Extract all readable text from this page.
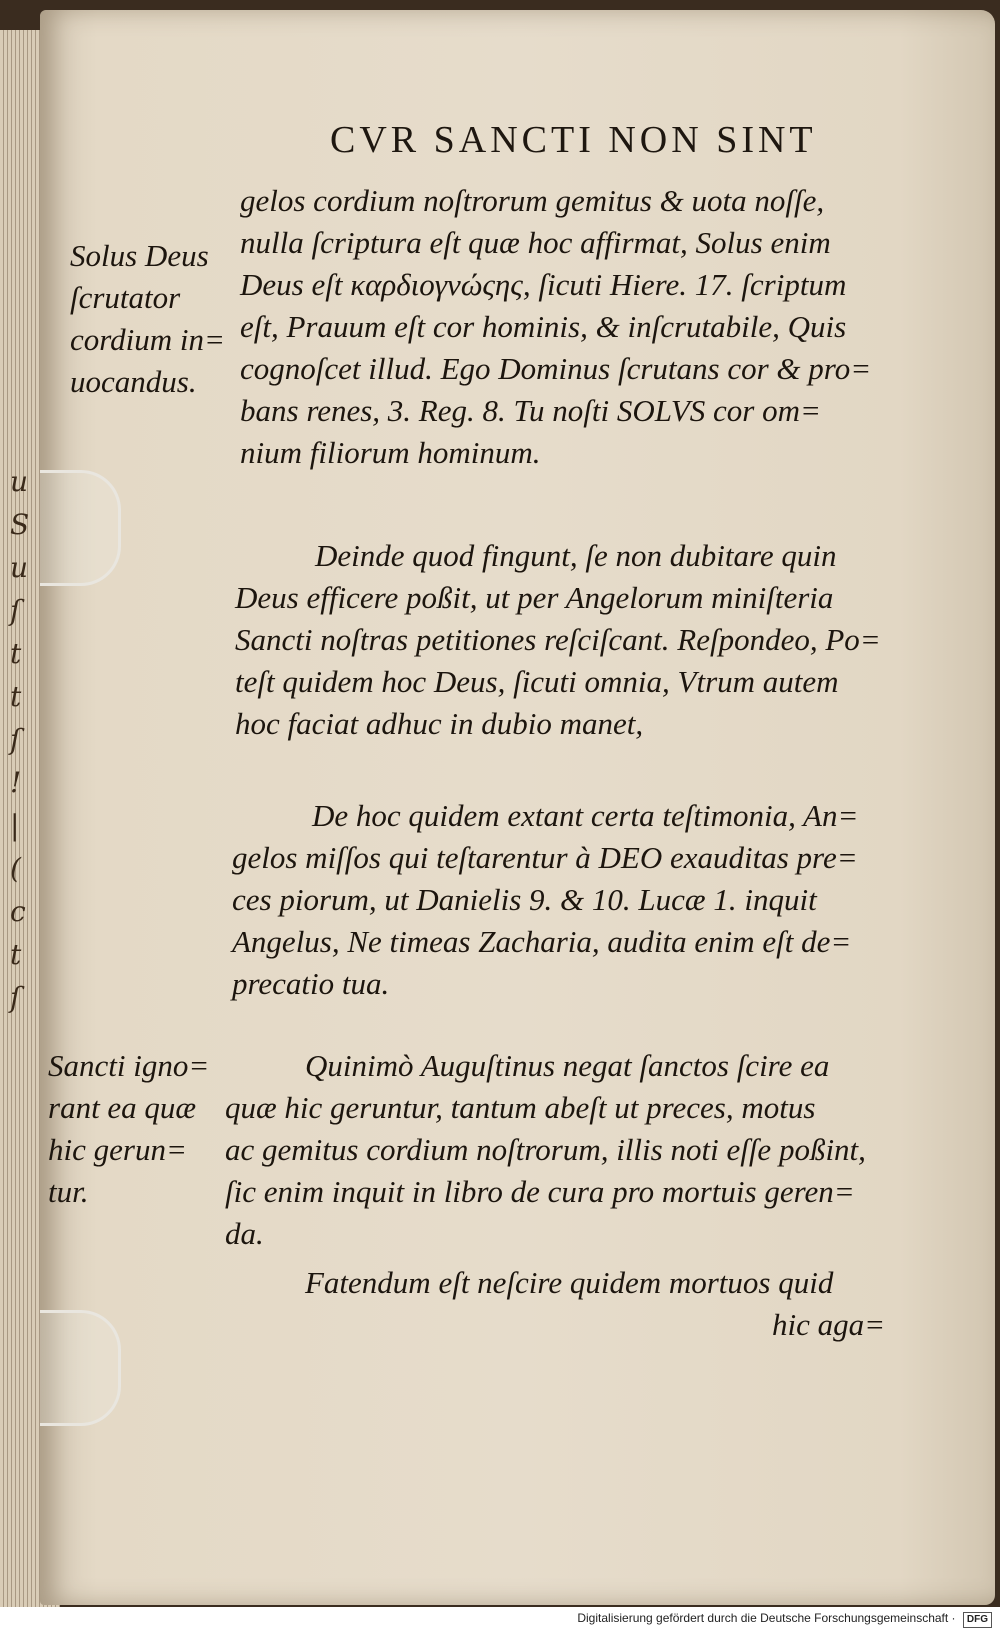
u
S
u
ſ
t
t
ſ
!
|
(
c
t
ſ
CVR SANCTI NON SINT
Solus Deus
ſcrutator
cordium in=
uocandus.
Sancti igno=
rant ea quæ
hic gerun=
tur.
gelos cordium noſtrorum gemitus & uota noſſe,
nulla ſcriptura eſt quæ hoc affirmat, Solus enim
Deus eſt καρδιογνώςης, ſicuti Hiere. 17. ſcriptum
eſt, Prauum eſt cor hominis, & inſcrutabile, Quis
cognoſcet illud. Ego Dominus ſcrutans cor & pro=
bans renes, 3. Reg. 8. Tu noſti SOLVS cor om=
nium filiorum hominum.
Deinde quod fingunt, ſe non dubitare quin
Deus efficere poßit, ut per Angelorum miniſteria
Sancti noſtras petitiones reſciſcant. Reſpondeo, Po=
teſt quidem hoc Deus, ſicuti omnia, Vtrum autem
hoc faciat adhuc in dubio manet,
De hoc quidem extant certa teſtimonia, An=
gelos miſſos qui teſtarentur à DEO exauditas pre=
ces piorum, ut Danielis 9. & 10. Lucæ 1. inquit
Angelus, Ne timeas Zacharia, audita enim eſt de=
precatio tua.
Quinimò Auguſtinus negat ſanctos ſcire ea
quæ hic geruntur, tantum abeſt ut preces, motus
ac gemitus cordium noſtrorum, illis noti eſſe poßint,
ſic enim inquit in libro de cura pro mortuis geren=
da.
Fatendum eſt neſcire quidem mortuos quid
hic aga=
Digitalisierung gefördert durch die Deutsche Forschungsgemeinschaft · DFG
